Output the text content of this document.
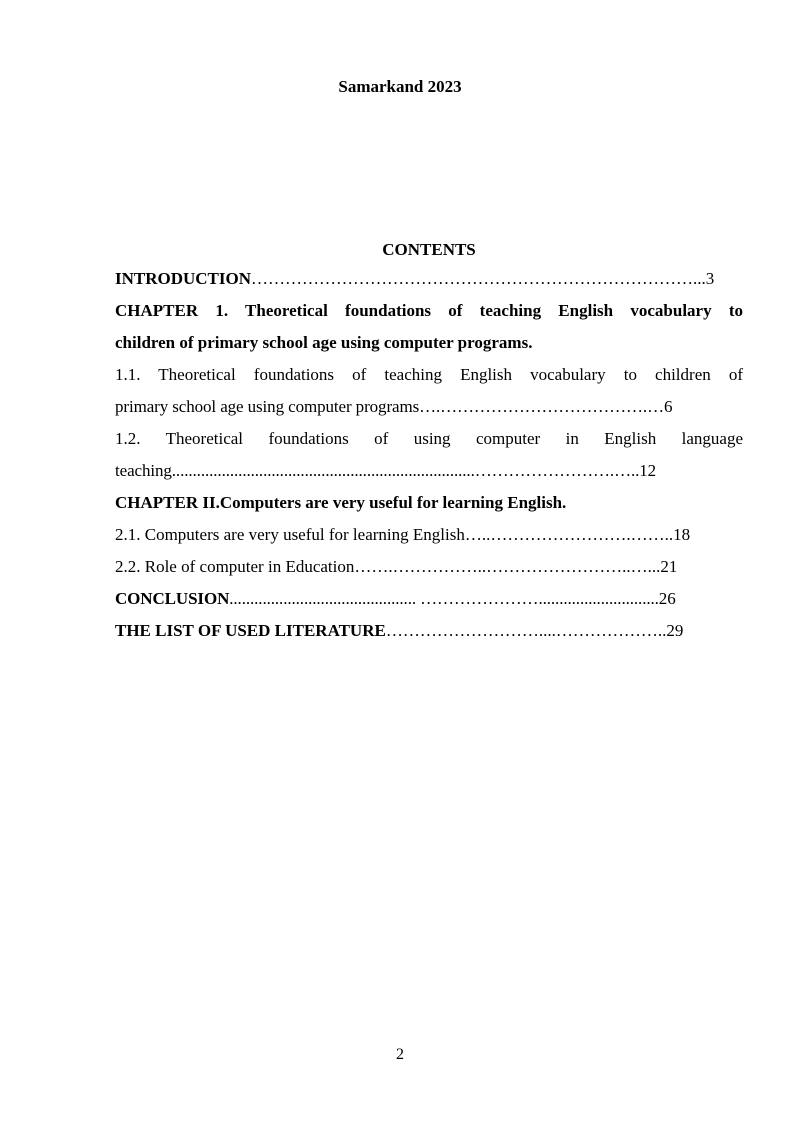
Samarkand 2023
CONTENTS
INTRODUCTION……………………………………………………………………...3
CHAPTER 1. Theoretical foundations of teaching English vocabulary to
children of primary school age using computer programs.
1.1. Theoretical foundations of teaching English vocabulary to children of
primary school age using computer programs….……………………………….…6
1.2. Theoretical foundations of using computer in English language
teaching.........................................................................…………………….…..12
CHAPTER II.Computers are very useful for learning English.
2.1. Computers are very useful for learning English…..…………………….……..18
2.2. Role of computer in Education…….……………..……………………..…...21
CONCLUSION............................................. ………………….............................26
THE LIST OF USED LITERATURE………………………....………………..29
2
